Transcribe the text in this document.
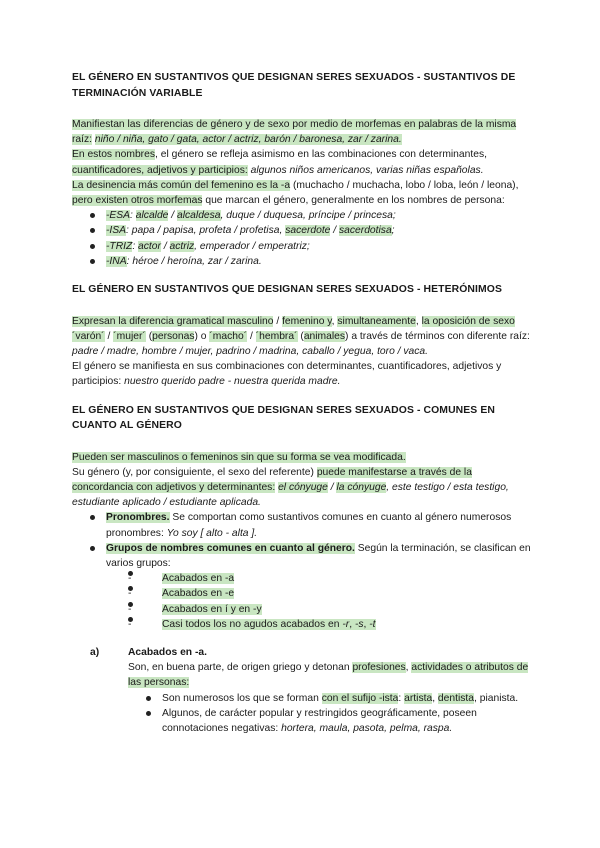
EL GÉNERO EN SUSTANTIVOS QUE DESIGNAN SERES SEXUADOS - SUSTANTIVOS DE TERMINACIÓN VARIABLE

Manifiestan las diferencias de género y de sexo por medio de morfemas en palabras de la misma raíz: niño / niña, gato / gata, actor / actriz, barón / baronesa, zar / zarina.

En estos nombres, el género se refleja asimismo en las combinaciones con determinantes, cuantificadores, adjetivos y participios: algunos niños americanos, varias niñas españolas.

La desinencia más común del femenino es la -a (muchacho / muchacha, lobo / loba, león / leona), pero existen otros morfemas que marcan el género, generalmente en los nombres de persona:

-ESA: alcalde / alcaldesa, duque / duquesa, príncipe / princesa;
-ISA: papa / papisa, profeta / profetisa, sacerdote / sacerdotisa;
-TRIZ: actor / actriz, emperador / emperatriz;
-INA: héroe / heroína, zar / zarina.
EL GÉNERO EN SUSTANTIVOS QUE DESIGNAN SERES SEXUADOS - HETERÓNIMOS

Expresan la diferencia gramatical masculino / femenino y, simultaneamente, la oposición de sexo ´varón´ / ´mujer´ (personas) o ´macho´ / ´hembra´ (animales) a través de términos con diferente raíz: padre / madre, hombre / mujer, padrino / madrina, caballo / yegua, toro / vaca.

El género se manifiesta en sus combinaciones con determinantes, cuantificadores, adjetivos y participios: nuestro querido padre - nuestra querida madre.

EL GÉNERO EN SUSTANTIVOS QUE DESIGNAN SERES SEXUADOS - COMUNES EN CUANTO AL GÉNERO

Pueden ser masculinos o femeninos sin que su forma se vea modificada.

Su género (y, por consiguiente, el sexo del referente) puede manifestarse a través de la concordancia con adjetivos y determinantes: el cónyuge / la cónyuge, este testigo / esta testigo, estudiante aplicado / estudiante aplicada.

Pronombres. Se comportan como sustantivos comunes en cuanto al género numerosos pronombres: Yo soy [ alto - alta ].
Grupos de nombres comunes en cuanto al género. Según la terminación, se clasifican en varios grupos:
- Acabados en -a
- Acabados en -e
- Acabados en í y en -y
- Casi todos los no agudos acabados en -r, -s, -t
a)	Acabados en -a.

Son, en buena parte, de origen griego y detonan profesiones, actividades o atributos de las personas:

Son numerosos los que se forman con el sufijo -ista: artista, dentista, pianista.
Algunos, de carácter popular y restringidos geográficamente, poseen connotaciones negativas: hortera, maula, pasota, pelma, raspa.
